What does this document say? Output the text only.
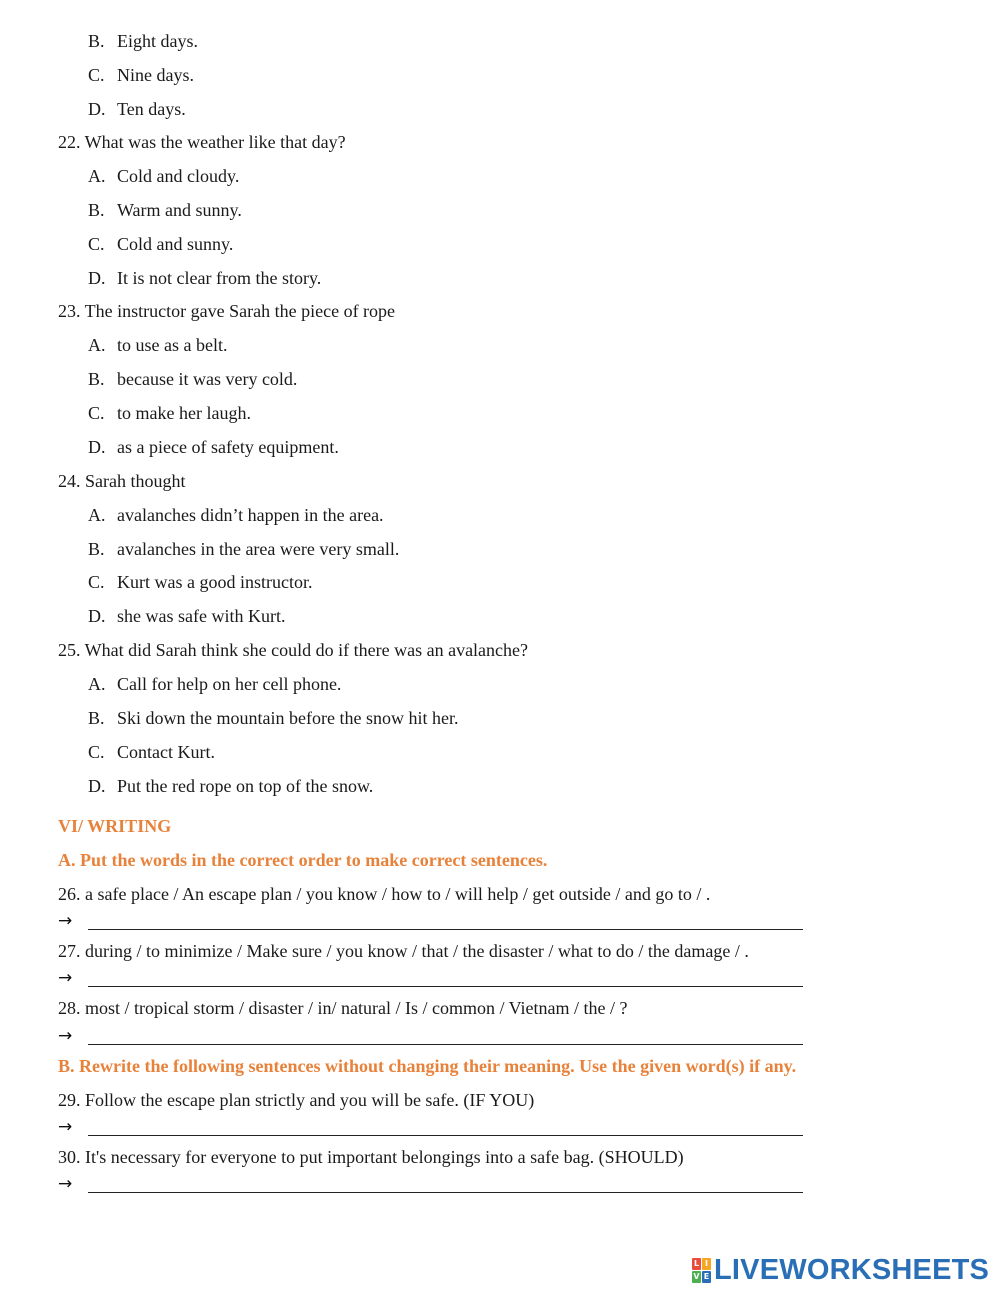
B. Eight days.
C. Nine days.
D. Ten days.
22. What was the weather like that day?
A. Cold and cloudy.
B. Warm and sunny.
C. Cold and sunny.
D. It is not clear from the story.
23. The instructor gave Sarah the piece of rope
A. to use as a belt.
B. because it was very cold.
C. to make her laugh.
D. as a piece of safety equipment.
24. Sarah thought
A. avalanches didn’t happen in the area.
B. avalanches in the area were very small.
C. Kurt was a good instructor.
D. she was safe with Kurt.
25. What did Sarah think she could do if there was an avalanche?
A. Call for help on her cell phone.
B. Ski down the mountain before the snow hit her.
C. Contact Kurt.
D. Put the red rope on top of the snow.
VI/ WRITING
A. Put the words in the correct order to make correct sentences.
26. a safe place / An escape plan / you know / how to / will help / get outside / and go to / .
→
27. during / to minimize / Make sure / you know / that / the disaster / what to do / the damage / .
→
28. most / tropical storm / disaster / in/ natural / Is / common / Vietnam / the / ?
→
B. Rewrite the following sentences without changing their meaning. Use the given word(s) if any.
29. Follow the escape plan strictly and you will be safe. (IF YOU)
→
30. It's necessary for everyone to put important belongings into a safe bag. (SHOULD)
→
L I
V E LIVEWORKSHEETS
